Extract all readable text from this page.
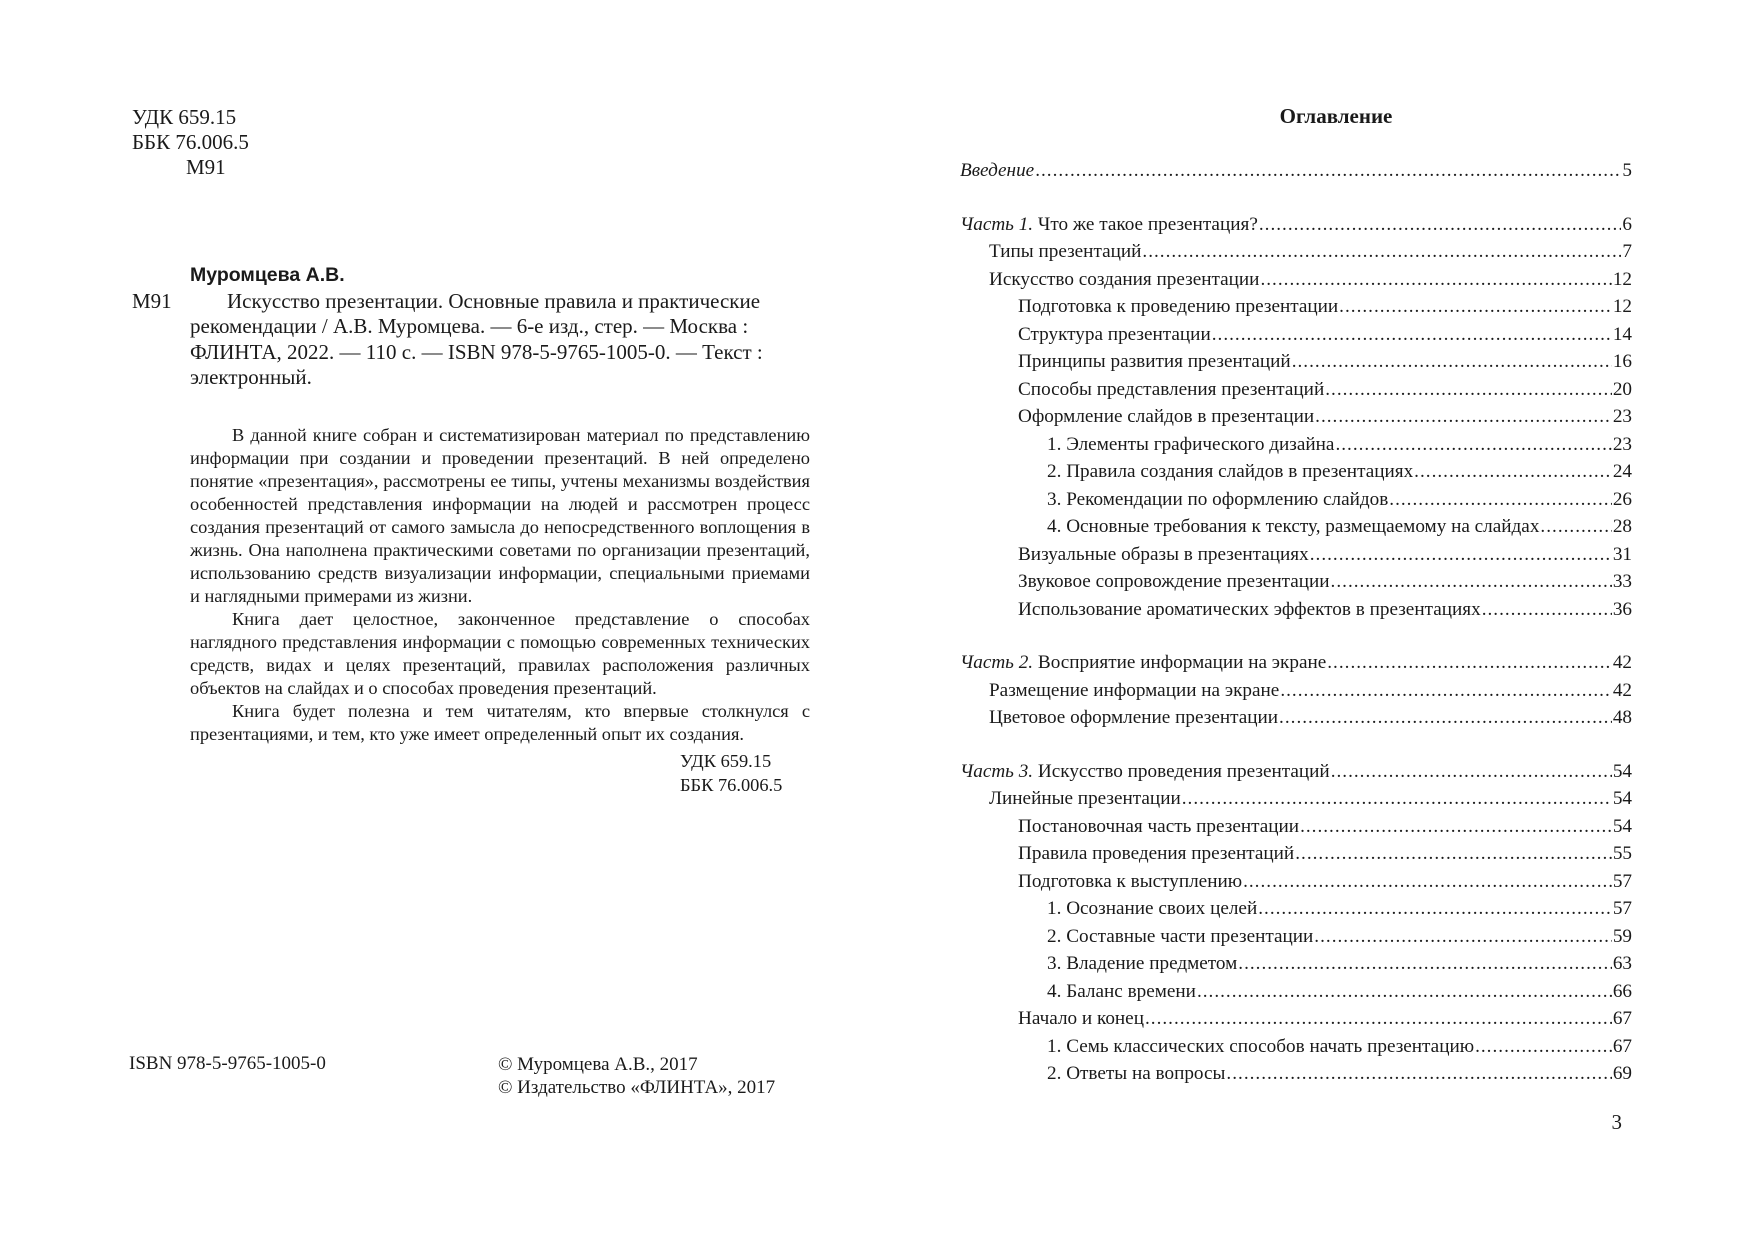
УДК 659.15
ББК 76.006.5
М91
Муромцева А.В.
М91	Искусство презентации. Основные правила и практические
рекомендации / А.В. Муромцева. — 6-е изд., стер. — Москва :
ФЛИНТА, 2022. — 110 с. — ISBN 978-5-9765-1005-0. — Текст :
электронный.

В данной книге собран и систематизирован материал по представлению информации при создании и проведении презентаций. В ней определено понятие «презентация», рассмотрены ее типы, учтены механизмы воздействия особенностей представления информации на людей и рассмотрен процесс создания презентаций от самого замысла до непосредственного воплощения в жизнь. Она наполнена практическими советами по организации презентаций, использованию средств визуализации информации, специальными приемами и наглядными примерами из жизни.

Книга дает целостное, законченное представление о способах наглядного представления информации с помощью современных технических средств, видах и целях презентаций, правилах расположения различных объектов на слайдах и о способах проведения презентаций.

Книга будет полезна и тем читателям, кто впервые столкнулся с презентациями, и тем, кто уже имеет определенный опыт их создания.

УДК 659.15
ББК 76.006.5
ISBN 978-5-9765-1005-0	© Муромцева А.В., 2017
© Издательство «ФЛИНТА», 2017
Оглавление
Введение .....	5
Часть 1. Что же такое презентация? .....	6
Типы презентаций .....	7
Искусство создания презентации .....	12
Подготовка к проведению презентации .....	12
Структура презентации .....	14
Принципы развития презентаций .....	16
Способы представления презентаций .....	20
Оформление слайдов в презентации .....	23
1. Элементы графического дизайна .....	23
2. Правила создания слайдов в презентациях .....	24
3. Рекомендации по оформлению слайдов .....	26
4. Основные требования к тексту, размещаемому на слайдах .....	28
Визуальные образы в презентациях .....	31
Звуковое сопровождение презентации .....	33
Использование ароматических эффектов в презентациях .....	36
Часть 2. Восприятие информации на экране .....	42
Размещение информации на экране .....	42
Цветовое оформление презентации .....	48
Часть 3. Искусство проведения презентаций .....	54
Линейные презентации .....	54
Постановочная часть презентации .....	54
Правила проведения презентаций .....	55
Подготовка к выступлению .....	57
1. Осознание своих целей .....	57
2. Составные части презентации .....	59
3. Владение предметом .....	63
4. Баланс времени .....	66
Начало и конец .....	67
1. Семь классических способов начать презентацию .....	67
2. Ответы на вопросы .....	69
3
